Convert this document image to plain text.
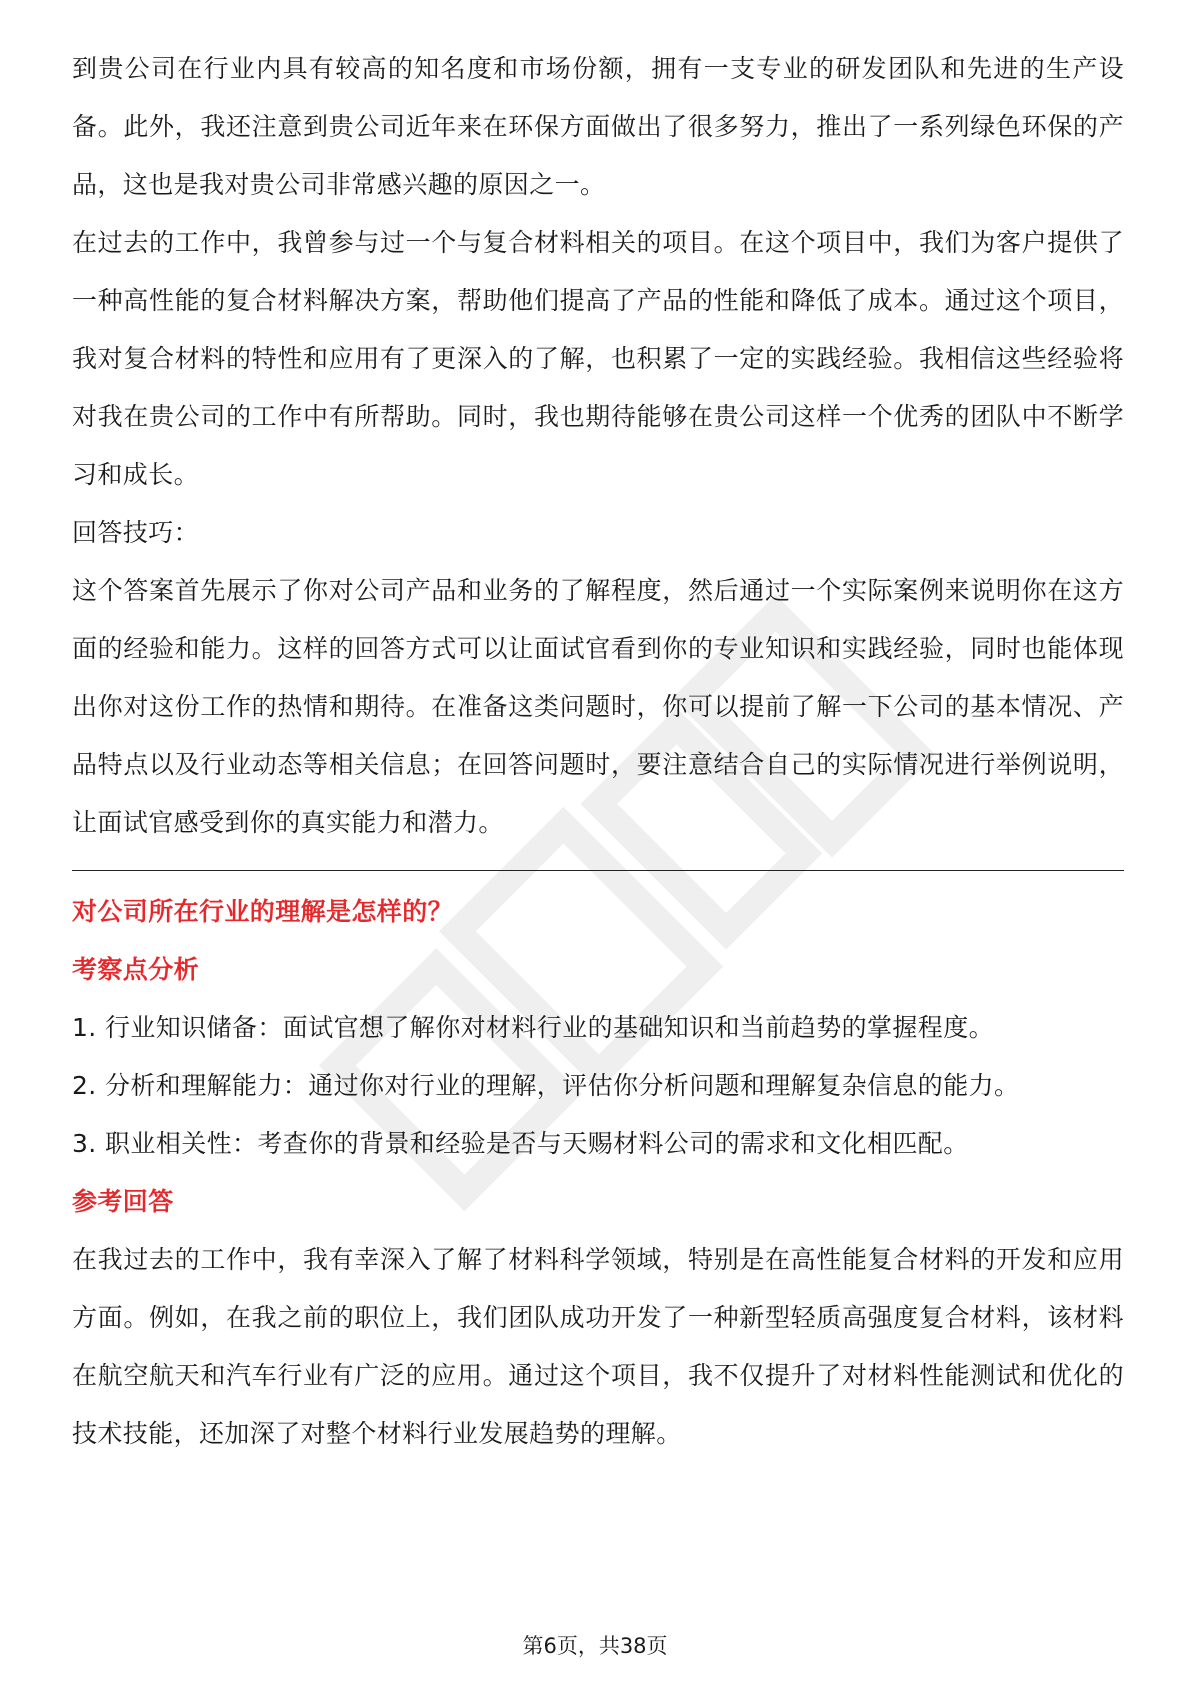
到贵公司在行业内具有较高的知名度和市场份额，拥有一支专业的研发团队和先进的生产设备。此外，我还注意到贵公司近年来在环保方面做出了很多努力，推出了一系列绿色环保的产品，这也是我对贵公司非常感兴趣的原因之一。

在过去的工作中，我曾参与过一个与复合材料相关的项目。在这个项目中，我们为客户提供了一种高性能的复合材料解决方案，帮助他们提高了产品的性能和降低了成本。通过这个项目，我对复合材料的特性和应用有了更深入的了解，也积累了一定的实践经验。我相信这些经验将对我在贵公司的工作中有所帮助。同时，我也期待能够在贵公司这样一个优秀的团队中不断学习和成长。

回答技巧：

这个答案首先展示了你对公司产品和业务的了解程度，然后通过一个实际案例来说明你在这方面的经验和能力。这样的回答方式可以让面试官看到你的专业知识和实践经验，同时也能体现出你对这份工作的热情和期待。在准备这类问题时，你可以提前了解一下公司的基本情况、产品特点以及行业动态等相关信息；在回答问题时，要注意结合自己的实际情况进行举例说明，让面试官感受到你的真实能力和潜力。

对公司所在行业的理解是怎样的？

考察点分析

1. 行业知识储备：面试官想了解你对材料行业的基础知识和当前趋势的掌握程度。

2. 分析和理解能力：通过你对行业的理解，评估你分析问题和理解复杂信息的能力。

3. 职业相关性：考查你的背景和经验是否与天赐材料公司的需求和文化相匹配。

参考回答

在我过去的工作中，我有幸深入了解了材料科学领域，特别是在高性能复合材料的开发和应用方面。例如，在我之前的职位上，我们团队成功开发了一种新型轻质高强度复合材料，该材料在航空航天和汽车行业有广泛的应用。通过这个项目，我不仅提升了对材料性能测试和优化的技术技能，还加深了对整个材料行业发展趋势的理解。

第6页，共38页
